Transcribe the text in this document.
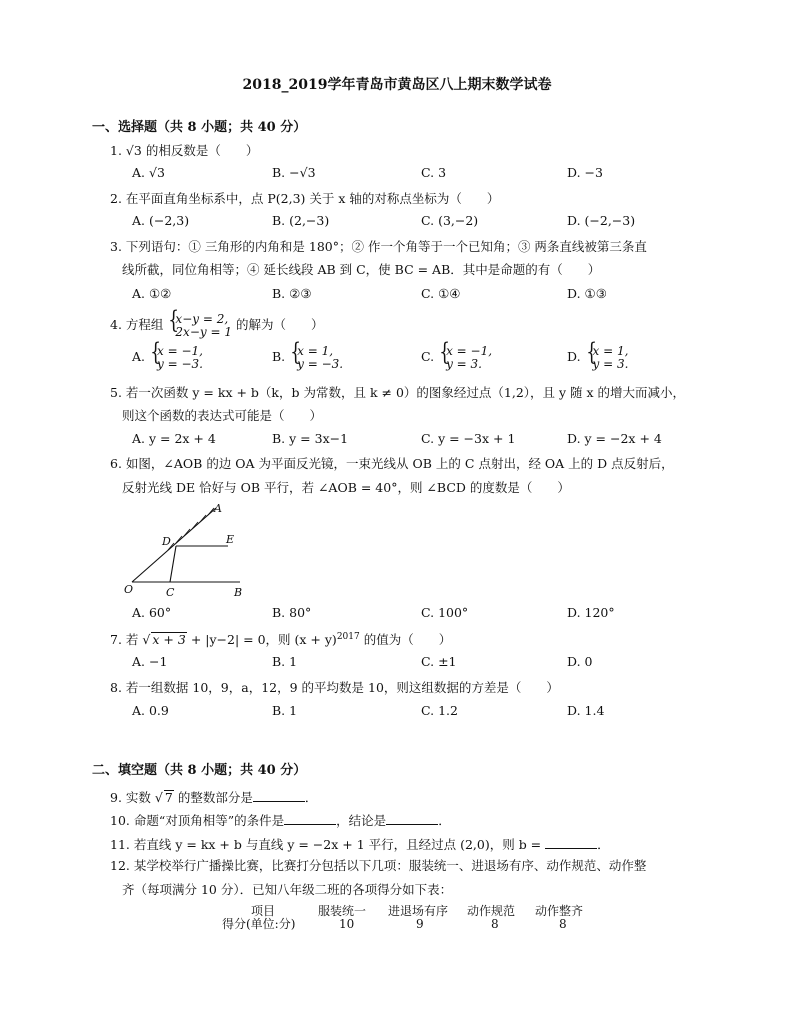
2018_2019学年青岛市黄岛区八上期末数学试卷
一、选择题（共 8 小题；共 40 分）
1. √3 的相反数是（　　）
A. √3	B. −√3	C. 3	D. −3
2. 在平面直角坐标系中，点 P(2,3) 关于 x 轴的对称点坐标为（　　）
A. (−2,3)	B. (2,−3)	C. (3,−2)	D. (−2,−3)
3. 下列语句：① 三角形的内角和是 180°；② 作一个角等于一个已知角；③ 两条直线被第三条直
线所截，同位角相等；④ 延长线段 AB 到 C，使 BC = AB．其中是命题的有（　　）
A. ①②	B. ②③	C. ①④	D. ①③
4. 方程组 { x−y = 2,
2x−y = 1 的解为（　　）
A. { x = −1,
y = −3.	B. { x = 1,
y = −3.	C. { x = −1,
y = 3.	D. { x = 1,
y = 3.
5. 若一次函数 y = kx + b（k，b 为常数，且 k ≠ 0）的图象经过点（1,2），且 y 随 x 的增大而减小，
则这个函数的表达式可能是（　　）
A. y = 2x + 4	B. y = 3x−1	C. y = −3x + 1	D. y = −2x + 4
6. 如图，∠AOB 的边 OA 为平面反光镜，一束光线从 OB 上的 C 点射出，经 OA 上的 D 点反射后，
反射光线 DE 恰好与 OB 平行，若 ∠AOB = 40°，则 ∠BCD 的度数是（　　）
A
D	E
O	C	B
A. 60°	B. 80°	C. 100°	D. 120°
7. 若 √ x + 3 + |y−2| = 0，则 $(x + y)^{2017}$ 的值为（　　）
A. −1	B. 1	C. ±1	D. 0
8. 若一组数据 10，9，a，12，9 的平均数是 10，则这组数据的方差是（　　）
A. 0.9	B. 1	C. 1.2	D. 1.4
二、填空题（共 8 小题；共 40 分）
9. 实数 √ 7 的整数部分是	．
10. 命题“对顶角相等”的条件是	，结论是	．
11. 若直线 y = kx + b 与直线 y = −2x + 1 平行，且经过点 (2,0)，则 b =	．
12. 某学校举行广播操比赛，比赛打分包括以下几项：服装统一、进退场有序、动作规范、动作整
齐（每项满分 10 分）．已知八年级二班的各项得分如下表：
项目	服装统一 进退场有序 动作规范 动作整齐
得分(单位:分)	10	9	8	8
